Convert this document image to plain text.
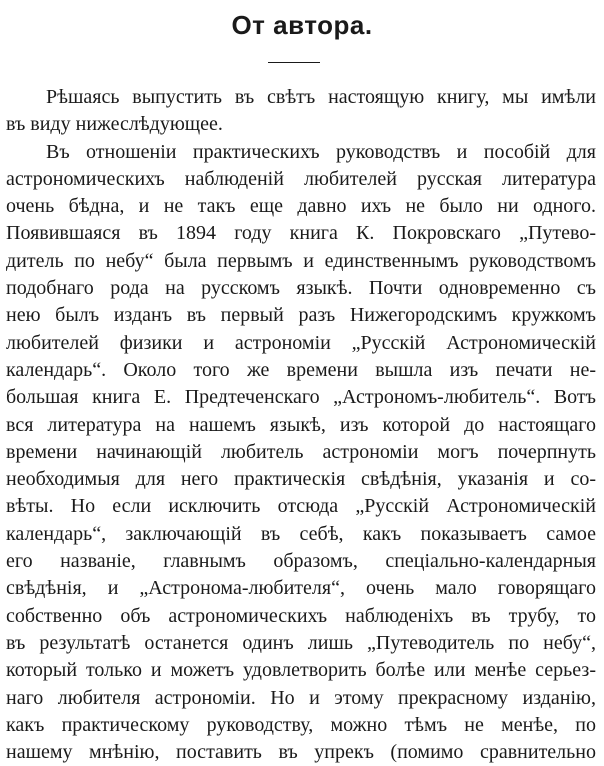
От автора.
Рѣшаясь выпустить въ свѣтъ настоящую книгу, мы имѣли
въ виду нижеслѣдующее.
Въ отношеніи практическихъ руководствъ и пособій для
астрономическихъ наблюденій любителей русская литература
очень бѣдна, и не такъ еще давно ихъ не было ни одного.
Появившаяся въ 1894 году книга К. Покровскаго „Путево-
дитель по небу“ была первымъ и единственнымъ руководствомъ
подобнаго рода на русскомъ языкѣ. Почти одновременно съ
нею былъ изданъ въ первый разъ Нижегородскимъ кружкомъ
любителей физики и астрономіи „Русскій Астрономическій
календарь“. Около того же времени вышла изъ печати не-
большая книга Е. Предтеченскаго „Астрономъ-любитель“. Вотъ
вся литература на нашемъ языкѣ, изъ которой до настоящаго
времени начинающій любитель астрономіи могъ почерпнуть
необходимыя для него практическія свѣдѣнія, указанія и со-
вѣты. Но если исключить отсюда „Русскій Астрономическій
календарь“, заключающій въ себѣ, какъ показываетъ самое
его названіе, главнымъ образомъ, спеціально-календарныя
свѣдѣнія, и „Астронома-любителя“, очень мало говорящаго
собственно объ астрономическихъ наблюденіхъ въ трубу, то
въ результатѣ останется одинъ лишь „Путеводитель по небу“,
который только и можетъ удовлетворить болѣе или менѣе серьез-
наго любителя астрономіи. Но и этому прекрасному изданію,
какъ практическому руководству, можно тѣмъ не менѣе, по
нашему мнѣнію, поставить въ упрекъ (помимо сравнительно
